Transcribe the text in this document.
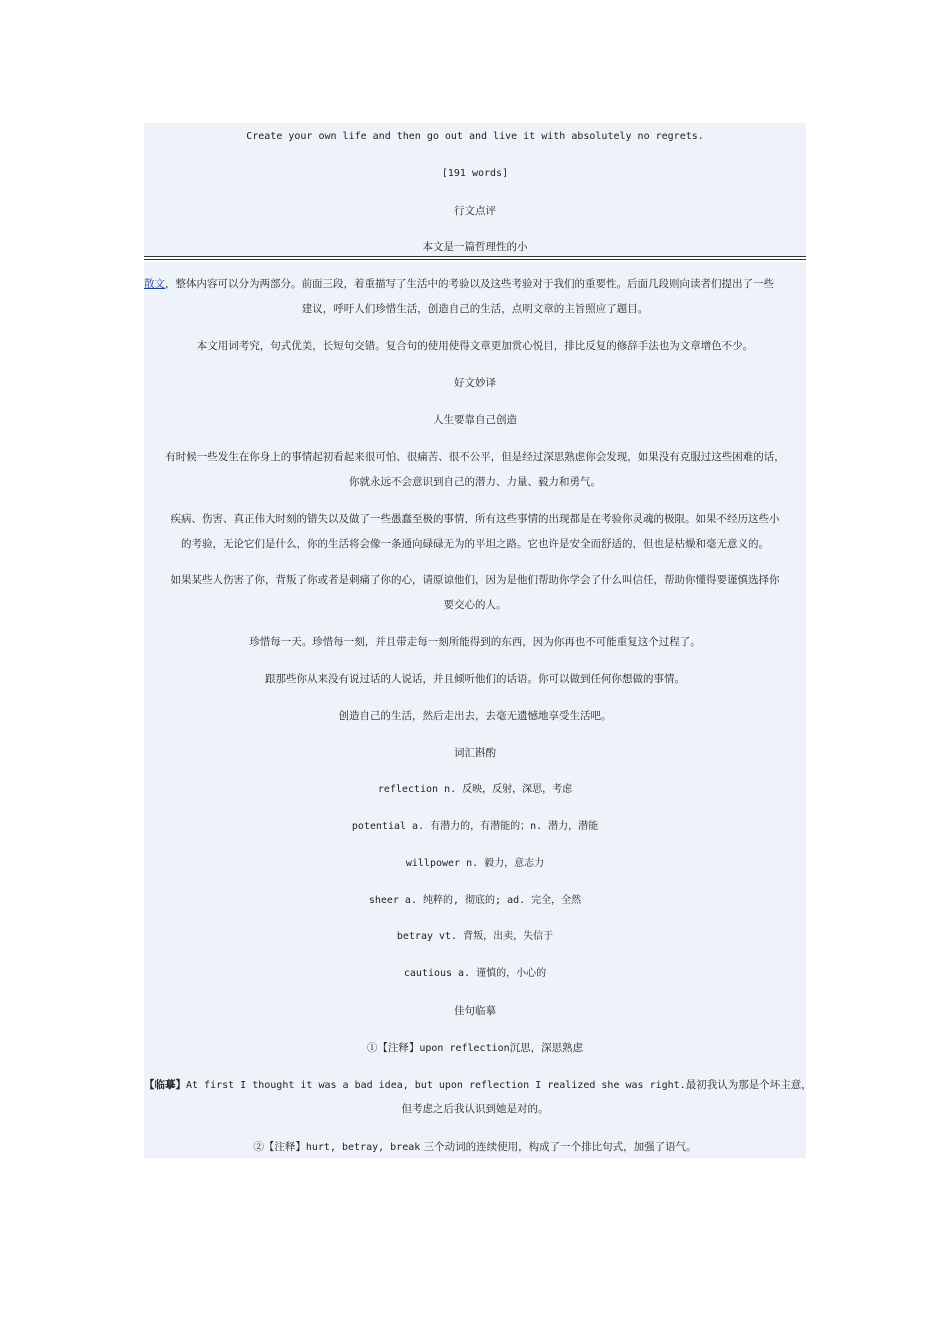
Create your own life and then go out and live it with absolutely no regrets.
[191 words]
行文点评
本文是一篇哲理性的小
散文，整体内容可以分为两部分。前面三段，着重描写了生活中的考验以及这些考验对于我们的重要性。后面几段则向读者们提出了一些
建议，呼吁人们珍惜生活，创造自己的生活，点明文章的主旨照应了题目。
本文用词考究，句式优美，长短句交错。复合句的使用使得文章更加赏心悦目，排比反复的修辞手法也为文章增色不少。
好文妙译
人生要靠自己创造
有时候一些发生在你身上的事情起初看起来很可怕、很痛苦、很不公平，但是经过深思熟虑你会发现，如果没有克服过这些困难的话，
你就永远不会意识到自己的潜力、力量、毅力和勇气。
疾病、伤害、真正伟大时刻的错失以及做了一些愚蠢至极的事情，所有这些事情的出现都是在考验你灵魂的极限。如果不经历这些小
的考验，无论它们是什么，你的生活将会像一条通向碌碌无为的平坦之路。它也许是安全而舒适的，但也是枯燥和毫无意义的。
如果某些人伤害了你，背叛了你或者是刺痛了你的心，请原谅他们，因为是他们帮助你学会了什么叫信任，帮助你懂得要谨慎选择你
要交心的人。
珍惜每一天。珍惜每一刻，并且带走每一刻所能得到的东西，因为你再也不可能重复这个过程了。
跟那些你从来没有说过话的人说话，并且倾听他们的话语。你可以做到任何你想做的事情。
创造自己的生活，然后走出去，去毫无遗憾地享受生活吧。
词汇斟酌
reflection n. 反映，反射，深思，考虑
potential a. 有潜力的，有潜能的；n. 潜力，潜能
willpower n. 毅力，意志力
sheer a. 纯粹的, 彻底的; ad. 完全，全然
betray vt. 背叛，出卖，失信于
cautious a. 谨慎的，小心的
佳句临摹
①【注释】upon reflection沉思，深思熟虑
【临摹】At first I thought it was a bad idea, but upon reflection I realized she was right.最初我认为那是个坏主意，
但考虑之后我认识到她是对的。
②【注释】hurt, betray, break 三个动词的连续使用，构成了一个排比句式，加强了语气。
